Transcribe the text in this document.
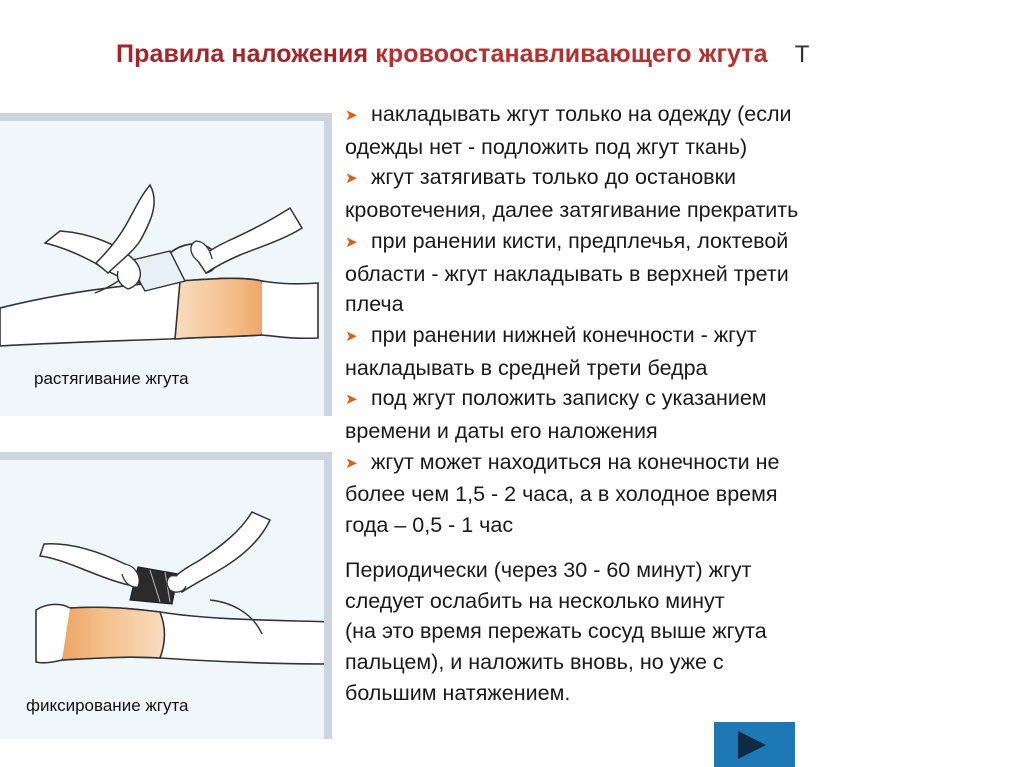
Правила наложения кровоостанавливающего жгута Т
растягивание жгута
фиксирование жгута
➤ накладывать жгут только на одежду (если
одежды нет - подложить под жгут ткань)
➤ жгут затягивать только до остановки
кровотечения, далее затягивание прекратить
➤ при ранении кисти, предплечья, локтевой
области - жгут накладывать в верхней трети
плеча
➤ при ранении нижней конечности - жгут
накладывать в средней трети бедра
➤ под жгут положить записку с указанием
времени и даты его наложения
➤ жгут может находиться на конечности не
более чем 1,5 - 2 часа, а в холодное время
года – 0,5 - 1 час
Периодически (через 30 - 60 минут) жгут
следует ослабить на несколько минут
(на это время пережать сосуд выше жгута
пальцем), и наложить вновь, но уже с
большим натяжением.
